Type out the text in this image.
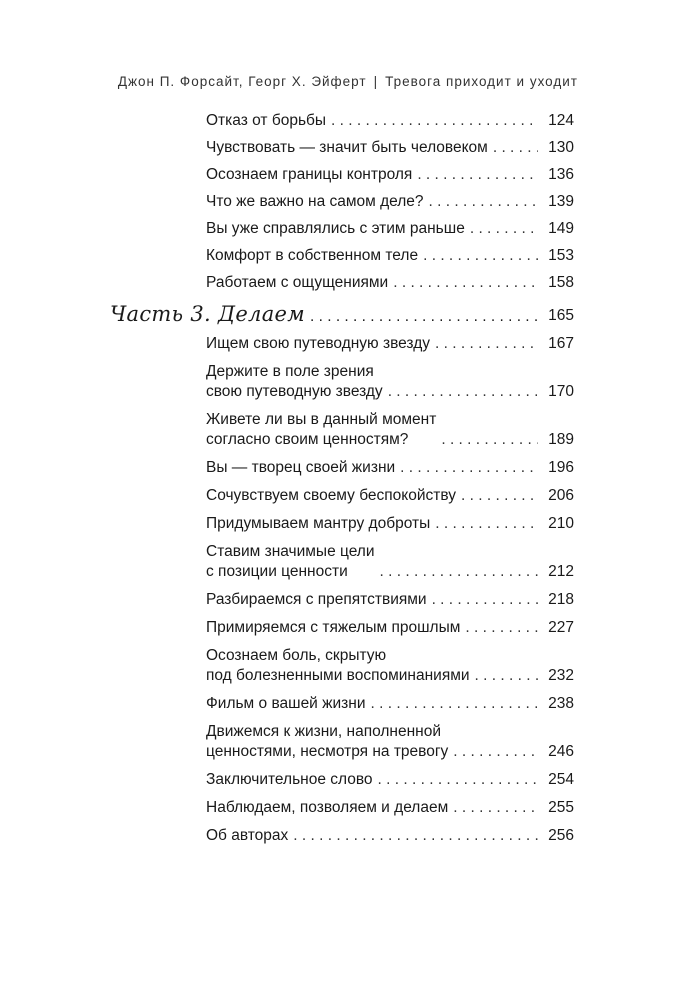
Джон П. Форсайт, Георг Х. Эйферт | Тревога приходит и уходит
Отказ от борьбы . . .	124
Чувствовать — значит быть человеком . . .	130
Осознаем границы контроля . . .	136
Что же важно на самом деле? . . .	139
Вы уже справлялись с этим раньше . . .	149
Комфорт в собственном теле . . .	153
Работаем с ощущениями . . .	158
Часть 3. Делаем . . .	165
Ищем свою путеводную звезду . . .	167
Держите в поле зрения
свою путеводную звезду . . .	170
Живете ли вы в данный момент
согласно своим ценностям? . . .	189
Вы — творец своей жизни . . .	196
Сочувствуем своему беспокойству . . .	206
Придумываем мантру доброты . . .	210
Ставим значимые цели
с позиции ценности . . .	212
Разбираемся с препятствиями . . .	218
Примиряемся с тяжелым прошлым . . .	227
Осознаем боль, скрытую
под болезненными воспоминаниями . . .	232
Фильм о вашей жизни . . .	238
Движемся к жизни, наполненной
ценностями, несмотря на тревогу . . .	246
Заключительное слово . . .	254
Наблюдаем, позволяем и делаем . . .	255
Об авторах . . .	256
